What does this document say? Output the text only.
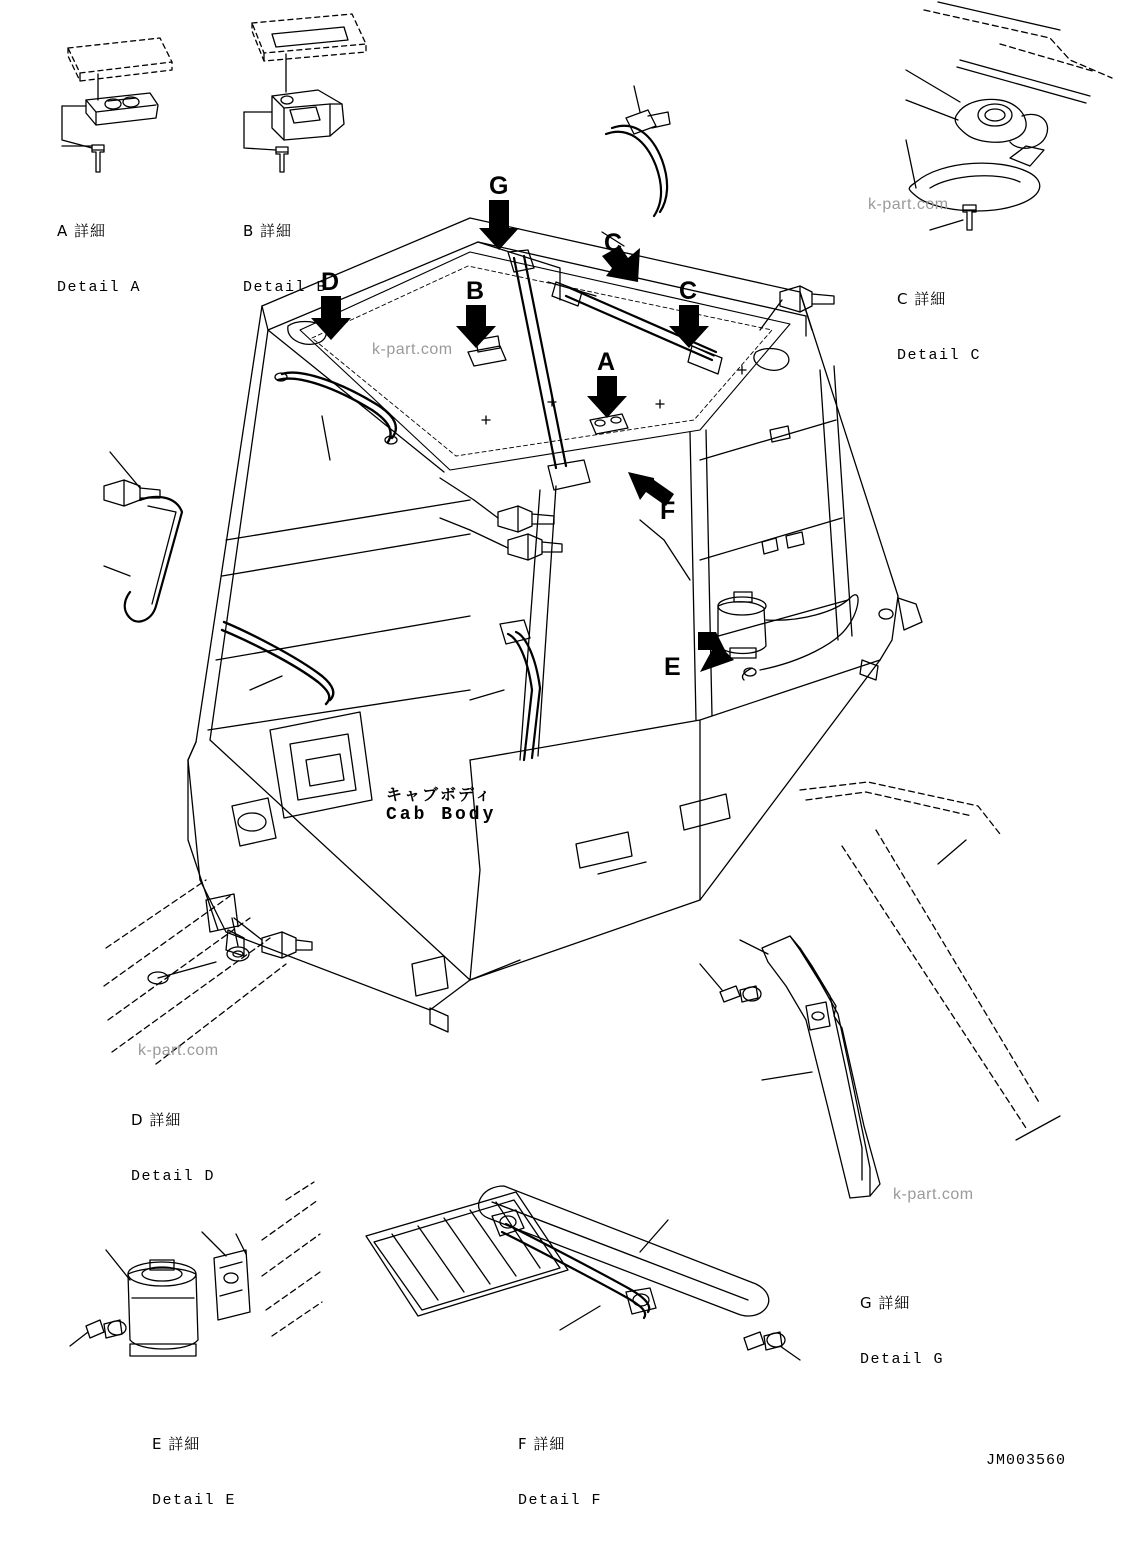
A 詳細

Detail A

B 詳細

Detail B

C 詳細

Detail C

D 詳細

Detail D

E 詳細

Detail E

F 詳細

Detail F

G 詳細

Detail G

G
C
D	B	C
A
F
E
キャブボディ
Cab Body
k-part.com
k-part.com
k-part.com
k-part.com
JM003560
